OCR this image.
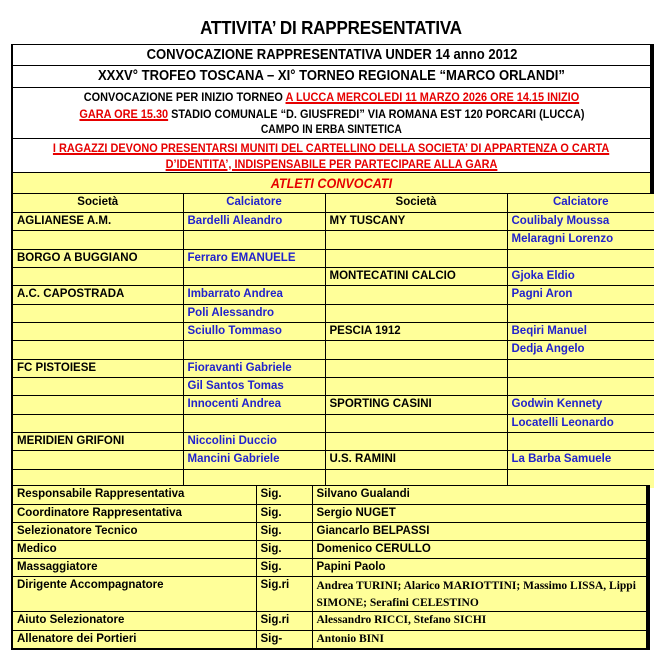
ATTIVITA’ DI RAPPRESENTATIVA
CONVOCAZIONE RAPPRESENTATIVA UNDER 14 anno 2012
XXXV° TROFEO TOSCANA – XI° TORNEO REGIONALE “MARCO ORLANDI”
CONVOCAZIONE PER INIZIO TORNEO A LUCCA MERCOLEDI 11 MARZO 2026 ORE 14.15 INIZIO
GARA ORE 15.30 STADIO COMUNALE “D. GIUSFREDI” VIA ROMANA EST 120 PORCARI (LUCCA)
CAMPO IN ERBA SINTETICA
I RAGAZZI DEVONO PRESENTARSI MUNITI DEL CARTELLINO DELLA SOCIETA’ DI APPARTENZA O CARTA
D’IDENTITA’, INDISPENSABILE PER PARTECIPARE ALLA GARA
ATLETI CONVOCATI
Società	Calciatore	Società	Calciatore
AGLIANESE A.M.	Bardelli Aleandro	MY TUSCANY	Coulibaly Moussa
			Melaragni Lorenzo
BORGO A BUGGIANO	Ferraro EMANUELE		
		MONTECATINI CALCIO	Gjoka Eldio
A.C. CAPOSTRADA	Imbarrato Andrea		Pagni Aron
	Poli Alessandro		
	Sciullo Tommaso	PESCIA 1912	Beqiri Manuel
			Dedja Angelo
FC PISTOIESE	Fioravanti Gabriele		
	Gil Santos Tomas		
	Innocenti Andrea	SPORTING CASINI	Godwin Kennety
			Locatelli Leonardo
MERIDIEN GRIFONI	Niccolini Duccio		
	Mancini Gabriele	U.S. RAMINI	La Barba Samuele

Responsabile Rappresentativa	Sig.	Silvano Gualandi
Coordinatore Rappresentativa	Sig.	Sergio NUGET
Selezionatore Tecnico	Sig.	Giancarlo BELPASSI
Medico	Sig.	Domenico CERULLO
Massaggiatore	Sig.	Papini Paolo
Dirigente Accompagnatore	Sig.ri	Andrea TURINI; Alarico MARIOTTINI; Massimo LISSA, Lippi SIMONE; Serafini CELESTINO
Aiuto Selezionatore	Sig.ri	Alessandro RICCI, Stefano SICHI
Allenatore dei Portieri	Sig-	Antonio BINI
